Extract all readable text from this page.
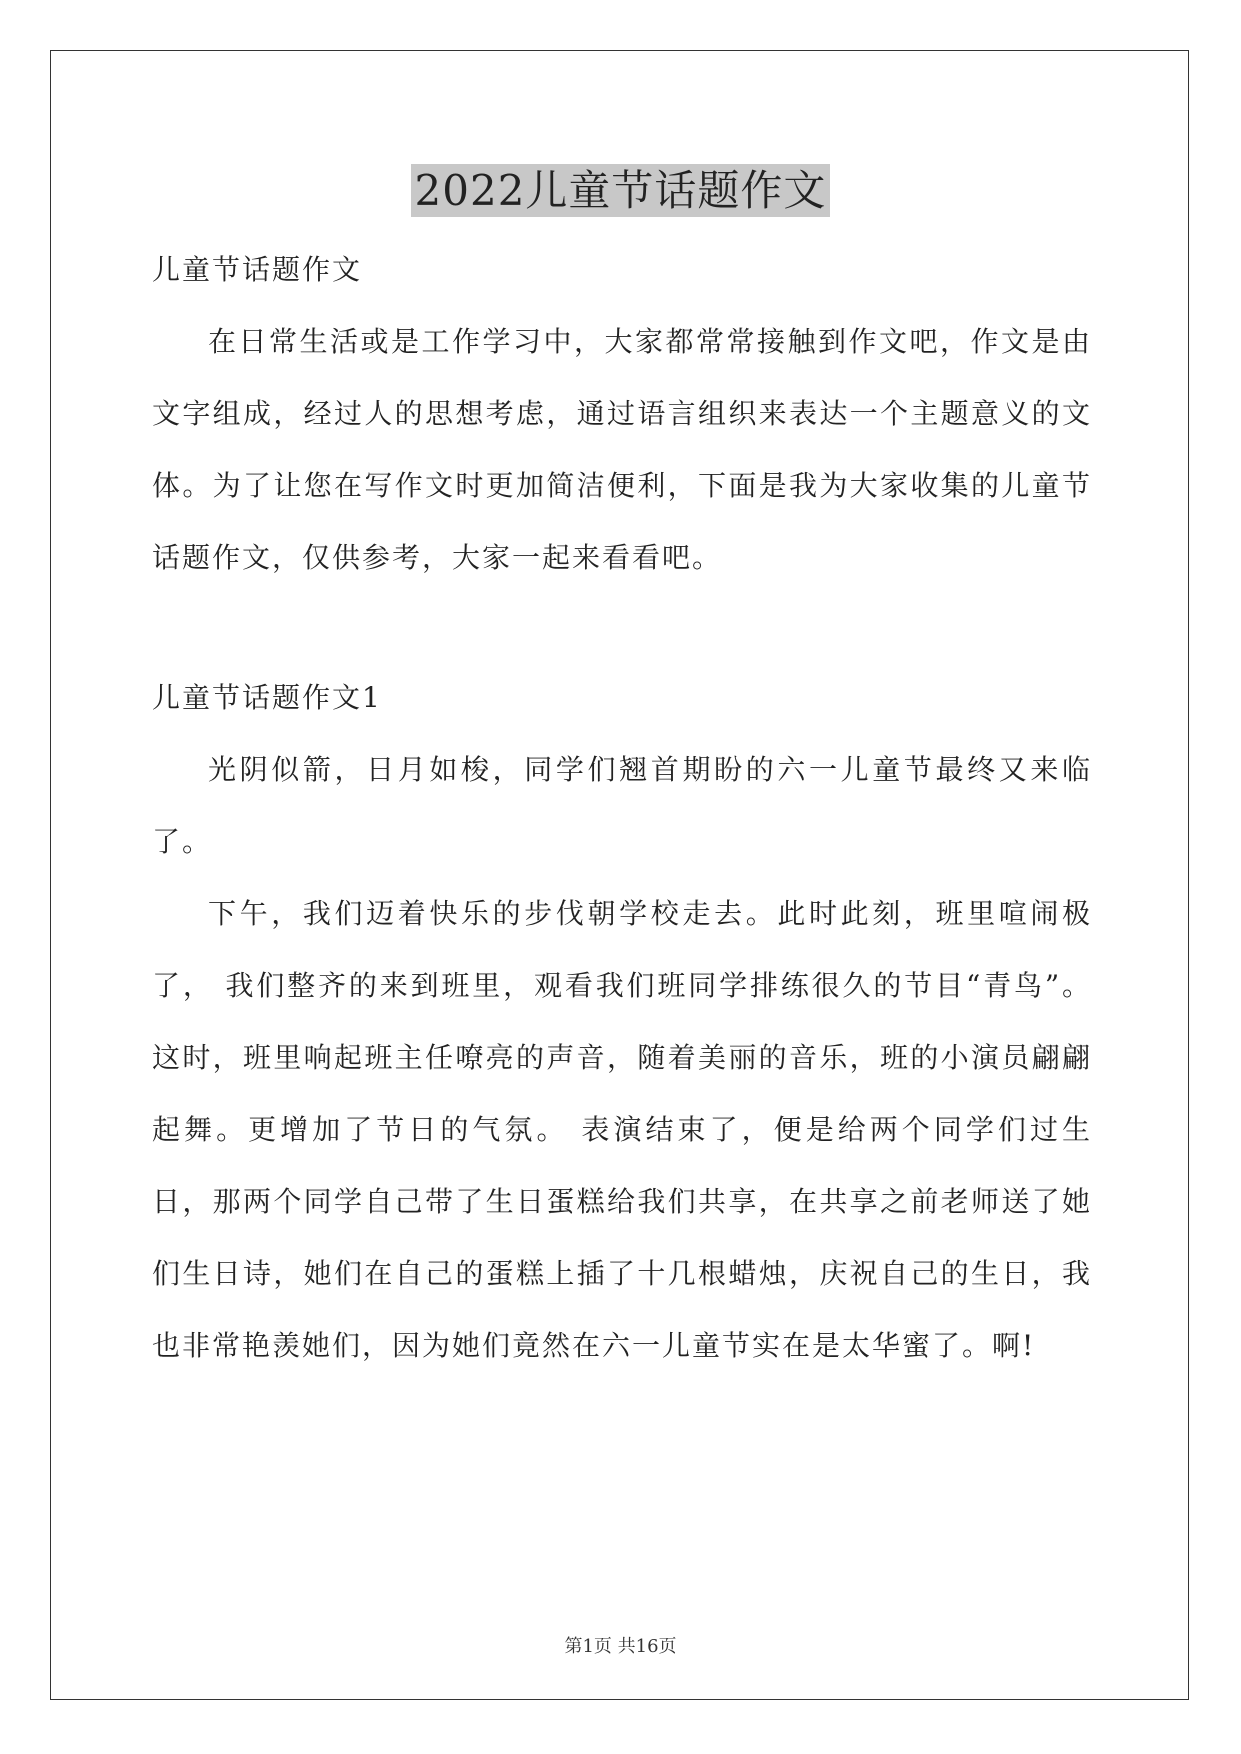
2022儿童节话题作文

儿童节话题作文

在日常生活或是工作学习中，大家都常常接触到作文吧，作文是由文字组成，经过人的思想考虑，通过语言组织来表达一个主题意义的文体。为了让您在写作文时更加简洁便利，下面是我为大家收集的儿童节话题作文，仅供参考，大家一起来看看吧。

儿童节话题作文1

光阴似箭，日月如梭，同学们翘首期盼的六一儿童节最终又来临了。

下午，我们迈着快乐的步伐朝学校走去。此时此刻，班里喧闹极了， 我们整齐的来到班里，观看我们班同学排练很久的节目“青鸟”。这时，班里响起班主任嘹亮的声音，随着美丽的音乐，班的小演员翩翩起舞。更增加了节日的气氛。 表演结束了，便是给两个同学们过生日，那两个同学自己带了生日蛋糕给我们共享，在共享之前老师送了她们生日诗，她们在自己的蛋糕上插了十几根蜡烛，庆祝自己的生日，我也非常艳羡她们，因为她们竟然在六一儿童节实在是太华蜜了。啊!

第1页 共16页
